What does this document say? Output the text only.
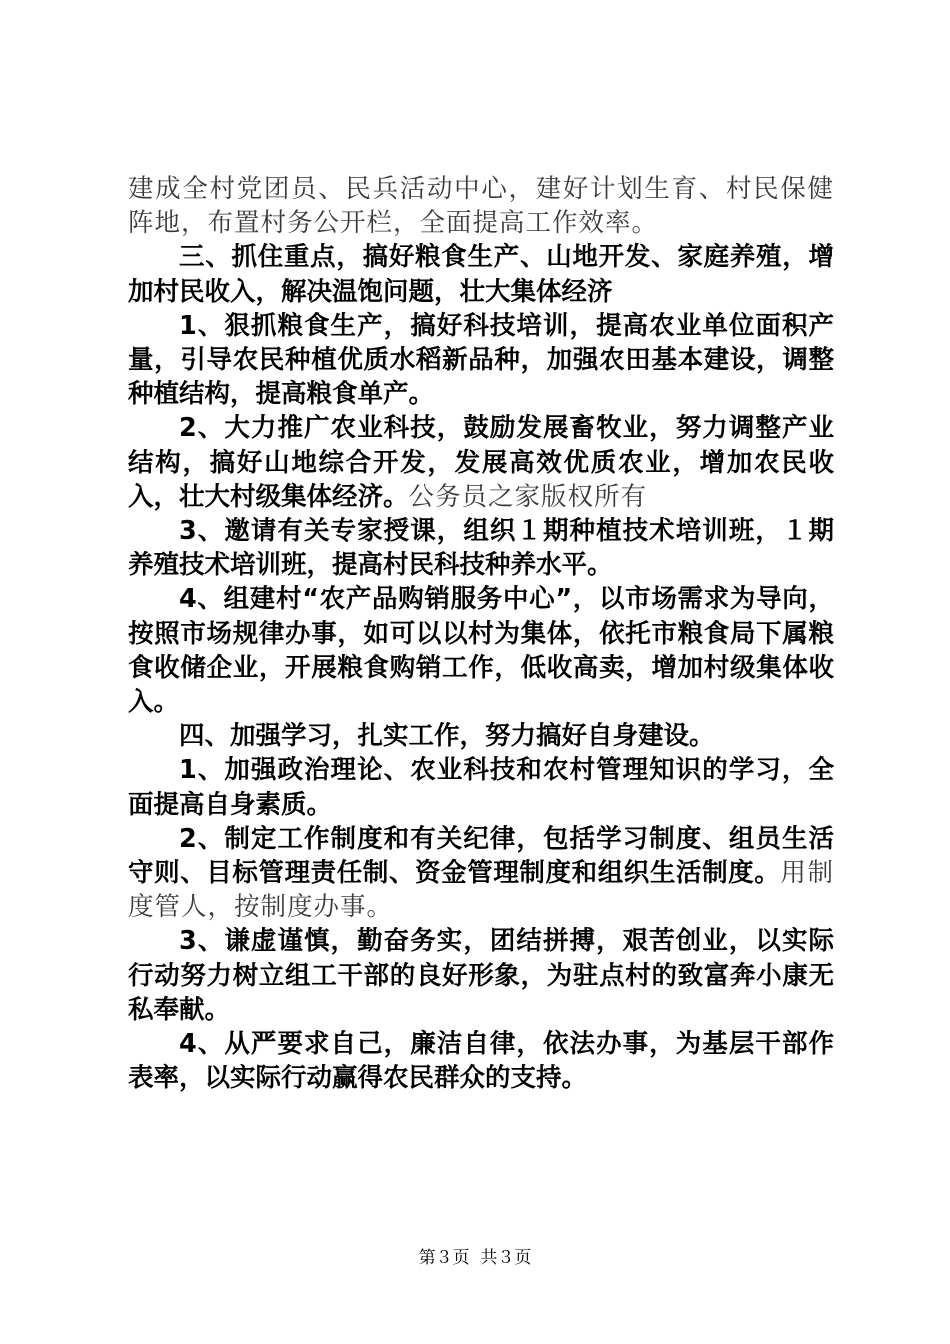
建成全村党团员、民兵活动中心，建好计划生育、村民保健阵地，布置村务公开栏，全面提高工作效率。

三、抓住重点，搞好粮食生产、山地开发、家庭养殖，增加村民收入，解决温饱问题，壮大集体经济

1、狠抓粮食生产，搞好科技培训，提高农业单位面积产量，引导农民种植优质水稻新品种，加强农田基本建设，调整种植结构，提高粮食单产。

2、大力推广农业科技，鼓励发展畜牧业，努力调整产业结构，搞好山地综合开发，发展高效优质农业，增加农民收入，壮大村级集体经济。公务员之家版权所有

3、邀请有关专家授课，组织１期种植技术培训班，１期养殖技术培训班，提高村民科技种养水平。

4、组建村“农产品购销服务中心”，以市场需求为导向，按照市场规律办事，如可以以村为集体，依托市粮食局下属粮食收储企业，开展粮食购销工作，低收高卖，增加村级集体收入。

四、加强学习，扎实工作，努力搞好自身建设。

1、加强政治理论、农业科技和农村管理知识的学习，全面提高自身素质。

2、制定工作制度和有关纪律，包括学习制度、组员生活守则、目标管理责任制、资金管理制度和组织生活制度。用制度管人，按制度办事。

3、谦虚谨慎，勤奋务实，团结拼搏，艰苦创业，以实际行动努力树立组工干部的良好形象，为驻点村的致富奔小康无私奉献。

4、从严要求自己，廉洁自律，依法办事，为基层干部作表率，以实际行动赢得农民群众的支持。

第３页  共３页
